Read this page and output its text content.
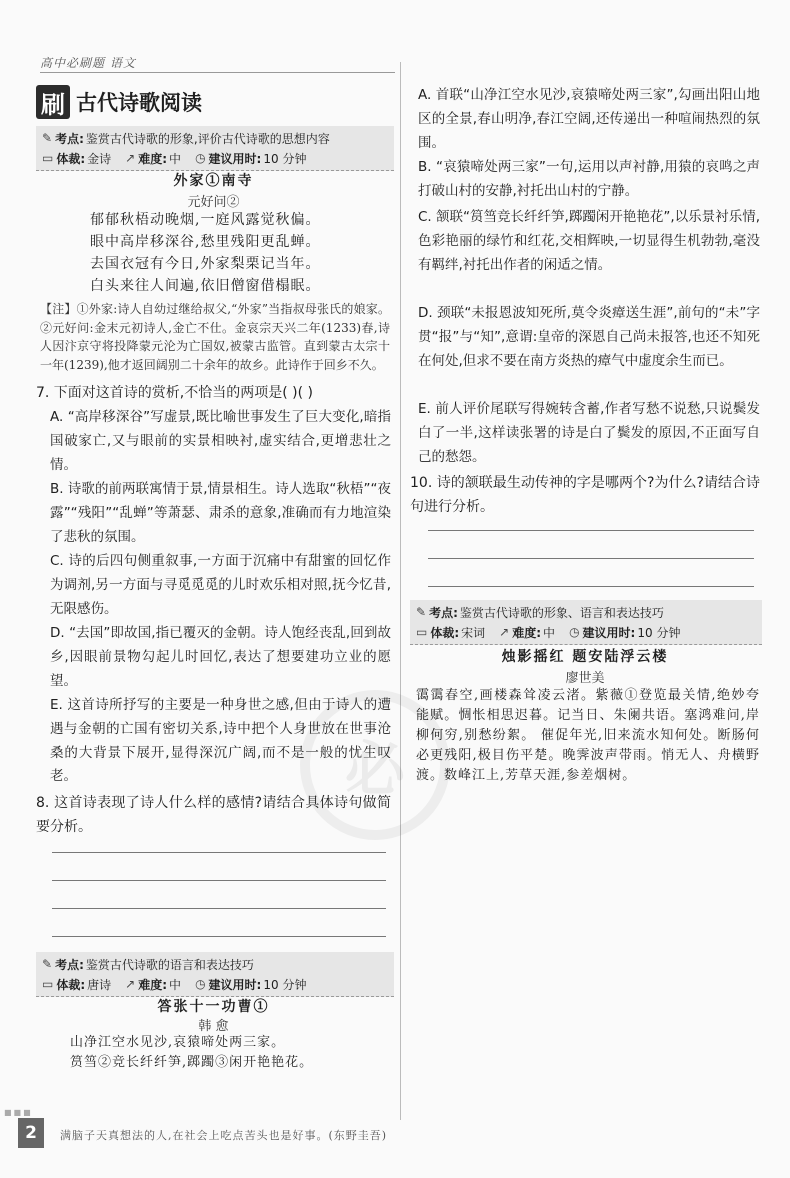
高中必刷题 语文
刷 古代诗歌阅读
✎ 考点: 鉴赏古代诗歌的形象,评价古代诗歌的思想内容
▭ 体裁: 金诗 ↗ 难度: 中 ◷ 建议用时: 10 分钟
外家①南寺
元好问②
郁郁秋梧动晚烟,一庭风露觉秋偏。
眼中高岸移深谷,愁里残阳更乱蝉。
去国衣冠有今日,外家梨栗记当年。
白头来往人间遍,依旧僧窗借榻眠。
【注】①外家:诗人自幼过继给叔父,“外家”当指叔母张氏的娘家。②元好问:金末元初诗人,金亡不仕。金哀宗天兴二年(1233)春,诗人因汴京守将投降蒙元沦为亡国奴,被蒙古监管。直到蒙古太宗十一年(1239),他才返回阔别二十余年的故乡。此诗作于回乡不久。
7. 下面对这首诗的赏析,不恰当的两项是( )( )
A. “高岸移深谷”写虚景,既比喻世事发生了巨大变化,暗指国破家亡,又与眼前的实景相映衬,虚实结合,更增悲壮之情。
B. 诗歌的前两联寓情于景,情景相生。诗人选取“秋梧”“夜露”“残阳”“乱蝉”等萧瑟、肃杀的意象,准确而有力地渲染了悲秋的氛围。
C. 诗的后四句侧重叙事,一方面于沉痛中有甜蜜的回忆作为调剂,另一方面与寻觅觅觅的儿时欢乐相对照,抚今忆昔,无限感伤。
D. “去国”即故国,指已覆灭的金朝。诗人饱经丧乱,回到故乡,因眼前景物勾起儿时回忆,表达了想要建功立业的愿望。
E. 这首诗所抒写的主要是一种身世之感,但由于诗人的遭遇与金朝的亡国有密切关系,诗中把个人身世放在世事沧桑的大背景下展开,显得深沉广阔,而不是一般的忧生叹老。
8. 这首诗表现了诗人什么样的感情?请结合具体诗句做简要分析。
✎ 考点: 鉴赏古代诗歌的语言和表达技巧
▭ 体裁: 唐诗 ↗ 难度: 中 ◷ 建议用时: 10 分钟
答张十一功曹①
韩 愈
山净江空水见沙,哀猿啼处两三家。
筼筜②竞长纤纤笋,踯躅③闲开艳艳花。
A. 首联“山净江空水见沙,哀猿啼处两三家”,勾画出阳山地区的全景,春山明净,春江空阔,还传递出一种喧闹热烈的氛围。
B. “哀猿啼处两三家”一句,运用以声衬静,用猿的哀鸣之声打破山村的安静,衬托出山村的宁静。
C. 颔联“筼筜竞长纤纤笋,踯躅闲开艳艳花”,以乐景衬乐情,色彩艳丽的绿竹和红花,交相辉映,一切显得生机勃勃,毫没有羁绊,衬托出作者的闲适之情。
D. 颈联“未报恩波知死所,莫令炎瘴送生涯”,前句的“未”字贯“报”与“知”,意谓:皇帝的深恩自己尚未报答,也还不知死在何处,但求不要在南方炎热的瘴气中虚度余生而已。
E. 前人评价尾联写得婉转含蓄,作者写愁不说愁,只说鬓发白了一半,这样读张署的诗是白了鬓发的原因,不正面写自己的愁怨。
10. 诗的颔联最生动传神的字是哪两个?为什么?请结合诗句进行分析。
✎ 考点: 鉴赏古代诗歌的形象、语言和表达技巧
▭ 体裁: 宋词 ↗ 难度: 中 ◷ 建议用时: 10 分钟
烛影摇红 题安陆浮云楼
廖世美
霭霭春空,画楼森耸凌云渚。紫薇①登览最关情,绝妙夸能赋。惆怅相思迟暮。记当日、朱阑共语。塞鸿难问,岸柳何穷,别愁纷絮。 催促年光,旧来流水知何处。断肠何必更残阳,极目伤平楚。晚霁波声带雨。悄无人、舟横野渡。数峰江上,芳草天涯,参差烟树。
必
■■■
2	满脑子天真想法的人,在社会上吃点苦头也是好事。(东野圭吾)
